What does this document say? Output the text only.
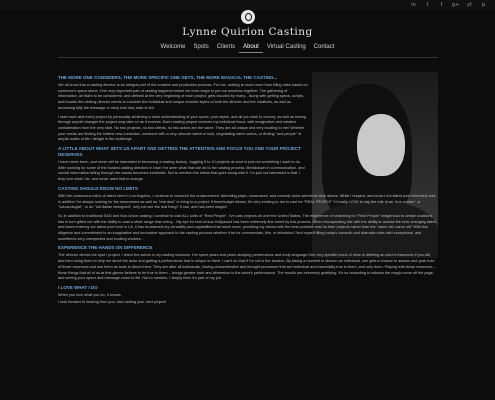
in	t	f	g+	yt	p
Lynne Quirion Casting
Welcome	Spots	Clients	About	Virtual Casting	Contact
THE MORE ONE CONSIDERS, THE MORE SPECIFIC ONE GETS, THE MORE MAGICAL THE CASTING...

We all know that a casting director is an integral part of the creative and production process. For me, casting is much more than filling roles based on someone's specs alone. One very important part of casting happens before we even begin to put our sessions together. The gathering of information, all that's to be considered, and defined at the very beginning of each project, gets clouded by many... Along with getting specs, scripts, and boards the casting director needs to consider the individual and unique creative styles of both the director and the creatives, as well as accessing fully the message or story that they wish to tell.

I start each and every project by personally achieving a clear understanding of your specs, your styles, and all you wish to convey, as well as seeing through any/all changes the project may take on as it evolves. Each casting project receives my individual focus, with imaginative and creative consideration from the very start. No two projects, no two clients, no two actors are the same. They are all unique and very exciting to me! Whether your needs are finding the hottest new comedian, someone with a very obscure talent or look, negotiating name actors, or finding "real people" of any/all walks of life I delight in the challenge.

A LITTLE ABOUT WHAT SETS US APART AND GETTING THE ATTENTION AND FOCUS YOU AND YOUR PROJECT DESERVES

I have never been, and never will be interested in becoming a casting factory. Juggling 5 to 10 projects at once is just not something I want to do. After working for some of the busiest casting directors in town I've seen what that can do to the casting process. Breakdown in communication, and crucial information falling through the cracks becomes inevitable. Not to mention the stress that goes along with it. I'm just not interested in that. I truly love what I do, and never want that to change.

CASTING SHOULD KNOW NO LIMITS

With the continuous influx of talent here in Los Angeles, I continue to research the undiscovered. Attending plays, showcases, and comedy clubs whenever time allows. While I respect, and know LA's talent pool extremely well, in addition I'm always looking for the newcomers as well as "real deal" to bring to a project. If time/budget allows, it's very exciting to me to cast for "REAL PEOPLE" I'd really LOVE to say the role of an "iron worker", a "volcanologist", or an "old Italian immigrant", why not see the real thing? It can, and has been magic!!

So in addition to traditional SAG and Non-Union casting I continue to cast ALL sorts of "Real People". I've cast projects all over the United States. The experience of searching for "Real People" indigenous to certain locations has in turn gifted me with the ability to cast a wider range than many... My eye for real versus Hollywood has been extremely fine tuned by this process. When incorporating this with the ability to access the ever changing talent, and faces entering our talent pool here in LA, it has broadened my versatility and capabilities that much more, providing my clients with the best possible cast for their projects rather than the "same old, same old" With this diligence and commitment to an imaginative and innovative approach to the casting process whether it be for commercials, film, or television I find myself filling today's comedic and dramatic roles with exceptional, and sometimes very unexpected and exciting choices...

EXPERIENCE THE HANDS ON DIFFERENCE

The director directs the spot / project. I direct the actors in my casting sessions. I've spent years and years studying performance and body language.One very specific focus of mine is defining an actor's essences if you will, and then using them to help me direct the actor and getting a performance that is unique to them. I can't do that if I'm not in the session. By taking a moment to discern an individual, one gets a chance to assess and grab hold of those essences and use them as tools to direct them. They are after all individuals, having characteristics and thought processes that are individual and essentially true to them, and only them. Playing with those essences -- those things that all of us at first glance believe to be true to them -- brings greater truth and dimension to the actor's performance. The results are extremely gratifying. It's so rewarding to witness the magic come off the page, and seeing your specs and message come to life. Not to mention, I simply think it's part of my job.

I LOVE WHAT I DO

When you love what you do, it shows.

I look forward to hearing from you, and casting your next project!
